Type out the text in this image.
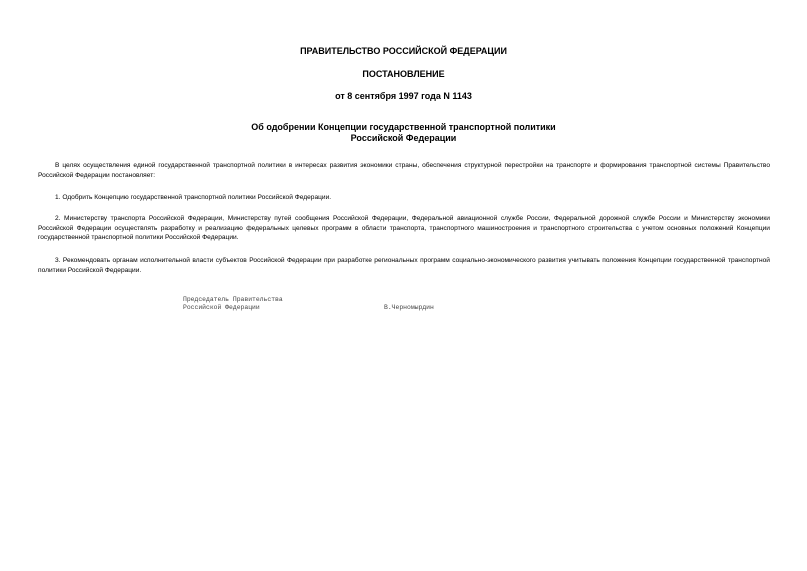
ПРАВИТЕЛЬСТВО РОССИЙСКОЙ ФЕДЕРАЦИИ
ПОСТАНОВЛЕНИЕ
от 8 сентября 1997 года N 1143
Об одобрении Концепции государственной транспортной политики
Российской Федерации

В целях осуществления единой государственной транспортной политики в интересах развития экономики страны, обеспечения структурной перестройки на транспорте и формирования транспортной системы Правительство Российской Федерации постановляет:

1. Одобрить Концепцию государственной транспортной политики Российской Федерации.

2. Министерству транспорта Российской Федерации, Министерству путей сообщения Российской Федерации, Федеральной авиационной службе России, Федеральной дорожной службе России и Министерству экономики Российской Федерации осуществлять разработку и реализацию федеральных целевых программ в области транспорта, транспортного машиностроения и транспортного строительства с учетом основных положений Концепции государственной транспортной политики Российской Федерации.

3. Рекомендовать органам исполнительной власти субъектов Российской Федерации при разработке региональных программ социально-экономического развития учитывать положения Концепции государственной транспортной политики Российской Федерации.

Председатель Правительства
Российской Федерации	В.Черномырдин
